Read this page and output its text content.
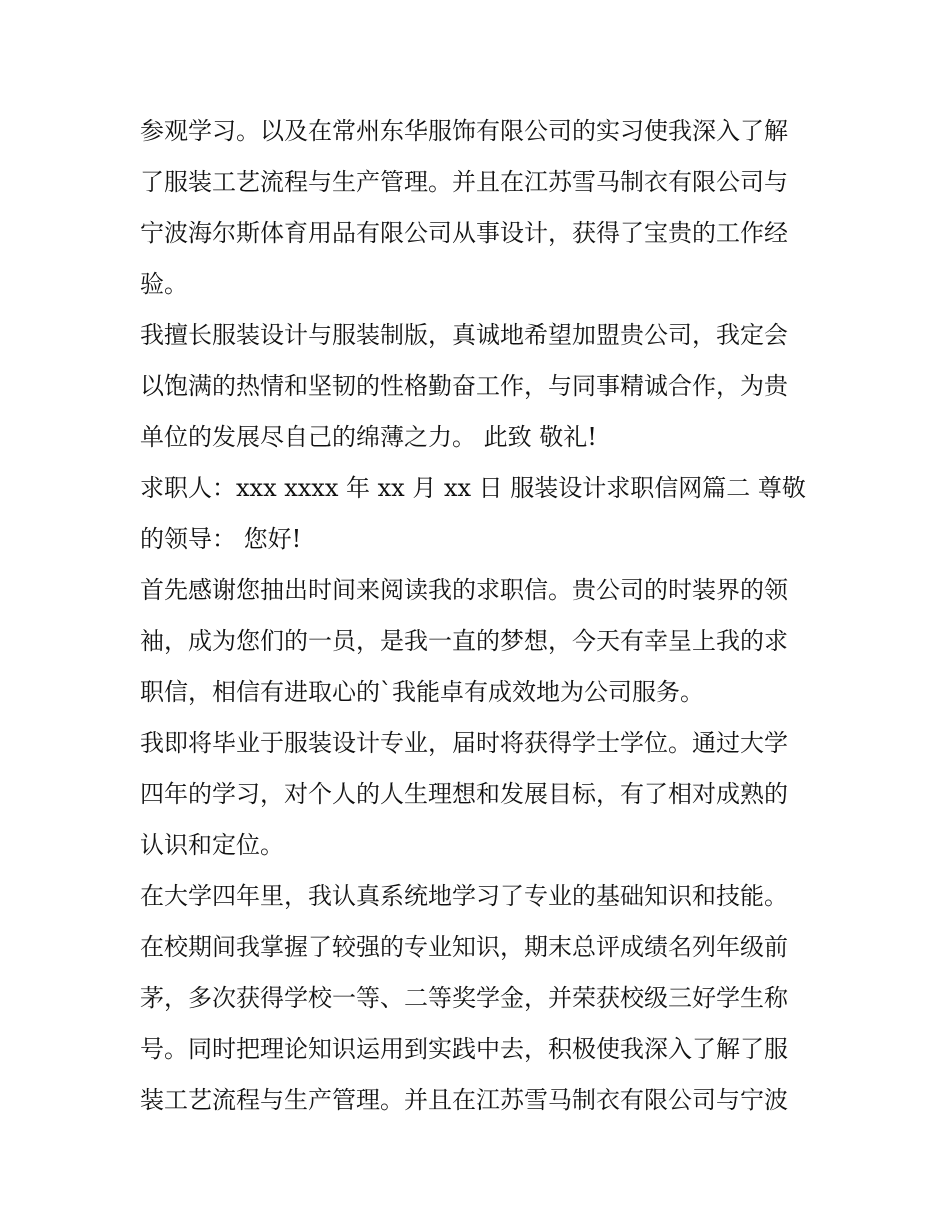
参观学习。以及在常州东华服饰有限公司的实习使我深入了解
了服装工艺流程与生产管理。并且在江苏雪马制衣有限公司与
宁波海尔斯体育用品有限公司从事设计，获得了宝贵的工作经
验。
我擅长服装设计与服装制版，真诚地希望加盟贵公司，我定会
以饱满的热情和坚韧的性格勤奋工作，与同事精诚合作，为贵
单位的发展尽自己的绵薄之力。 此致 敬礼!
求职人：xxx xxxx 年 xx 月 xx 日 服装设计求职信网篇二 尊敬
的领导： 您好!
首先感谢您抽出时间来阅读我的求职信。贵公司的时装界的领
袖，成为您们的一员，是我一直的梦想，今天有幸呈上我的求
职信，相信有进取心的`我能卓有成效地为公司服务。
我即将毕业于服装设计专业，届时将获得学士学位。通过大学
四年的学习，对个人的人生理想和发展目标，有了相对成熟的
认识和定位。
在大学四年里，我认真系统地学习了专业的基础知识和技能。
在校期间我掌握了较强的专业知识，期末总评成绩名列年级前
茅，多次获得学校一等、二等奖学金，并荣获校级三好学生称
号。同时把理论知识运用到实践中去，积极使我深入了解了服
装工艺流程与生产管理。并且在江苏雪马制衣有限公司与宁波
